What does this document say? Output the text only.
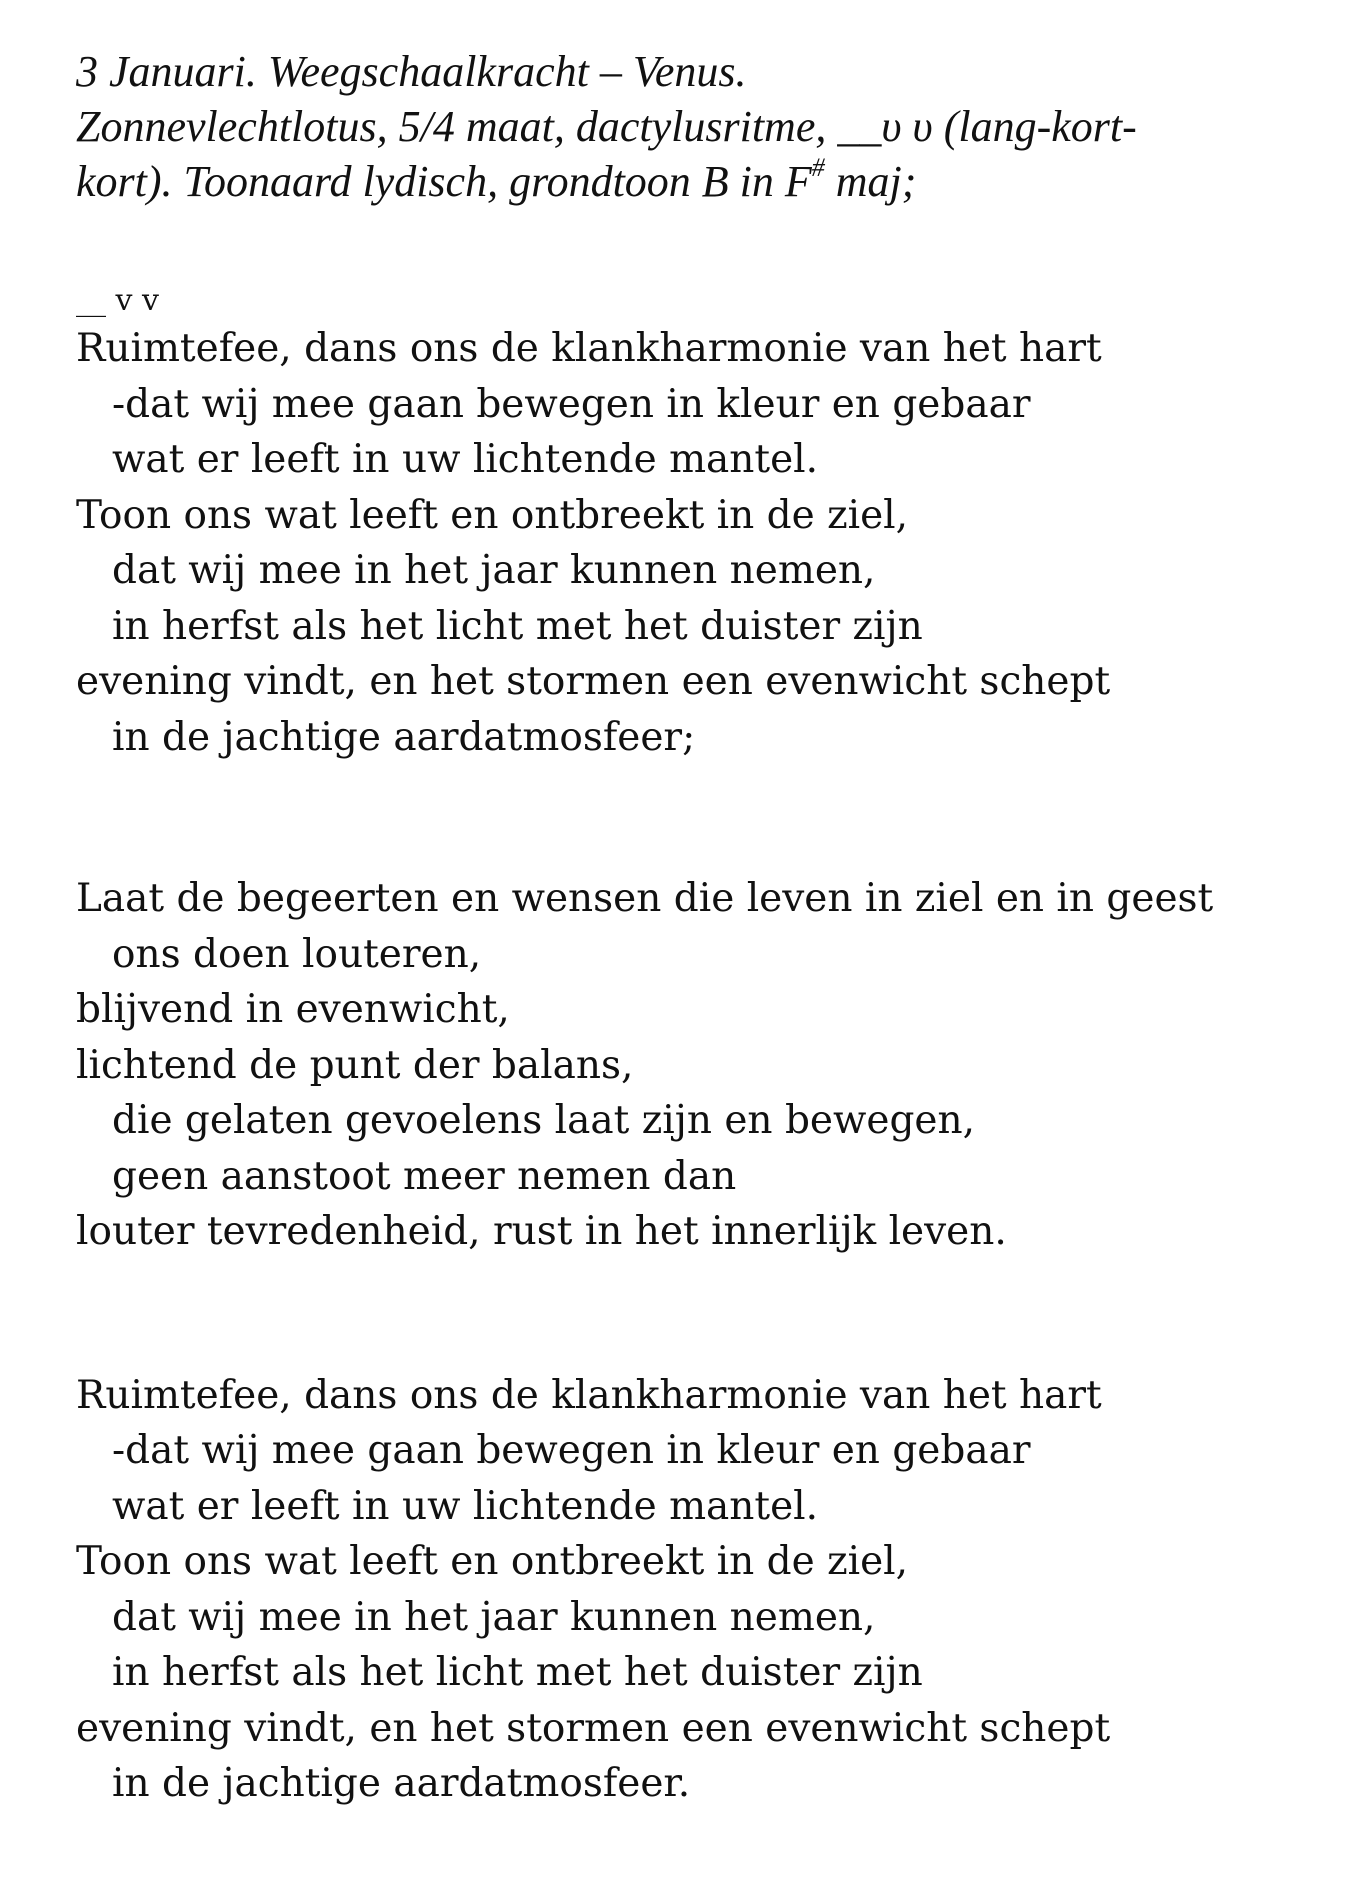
3 Januari. Weegschaalkracht – Venus.
Zonnevlechtlotus, 5/4 maat, dactylusritme, __υ υ (lang-kort-
kort). Toonaard lydisch, grondtoon B in F# maj;
__ v v
Ruimtefee, dans ons de klankharmonie van het hart
-dat wij mee gaan bewegen in kleur en gebaar
wat er leeft in uw lichtende mantel.
Toon ons wat leeft en ontbreekt in de ziel,
dat wij mee in het jaar kunnen nemen,
in herfst als het licht met het duister zijn
evening vindt, en het stormen een evenwicht schept
in de jachtige aardatmosfeer;
Laat de begeerten en wensen die leven in ziel en in geest
ons doen louteren,
blijvend in evenwicht,
lichtend de punt der balans,
die gelaten gevoelens laat zijn en bewegen,
geen aanstoot meer nemen dan
louter tevredenheid, rust in het innerlijk leven.
Ruimtefee, dans ons de klankharmonie van het hart
-dat wij mee gaan bewegen in kleur en gebaar
wat er leeft in uw lichtende mantel.
Toon ons wat leeft en ontbreekt in de ziel,
dat wij mee in het jaar kunnen nemen,
in herfst als het licht met het duister zijn
evening vindt, en het stormen een evenwicht schept
in de jachtige aardatmosfeer.
